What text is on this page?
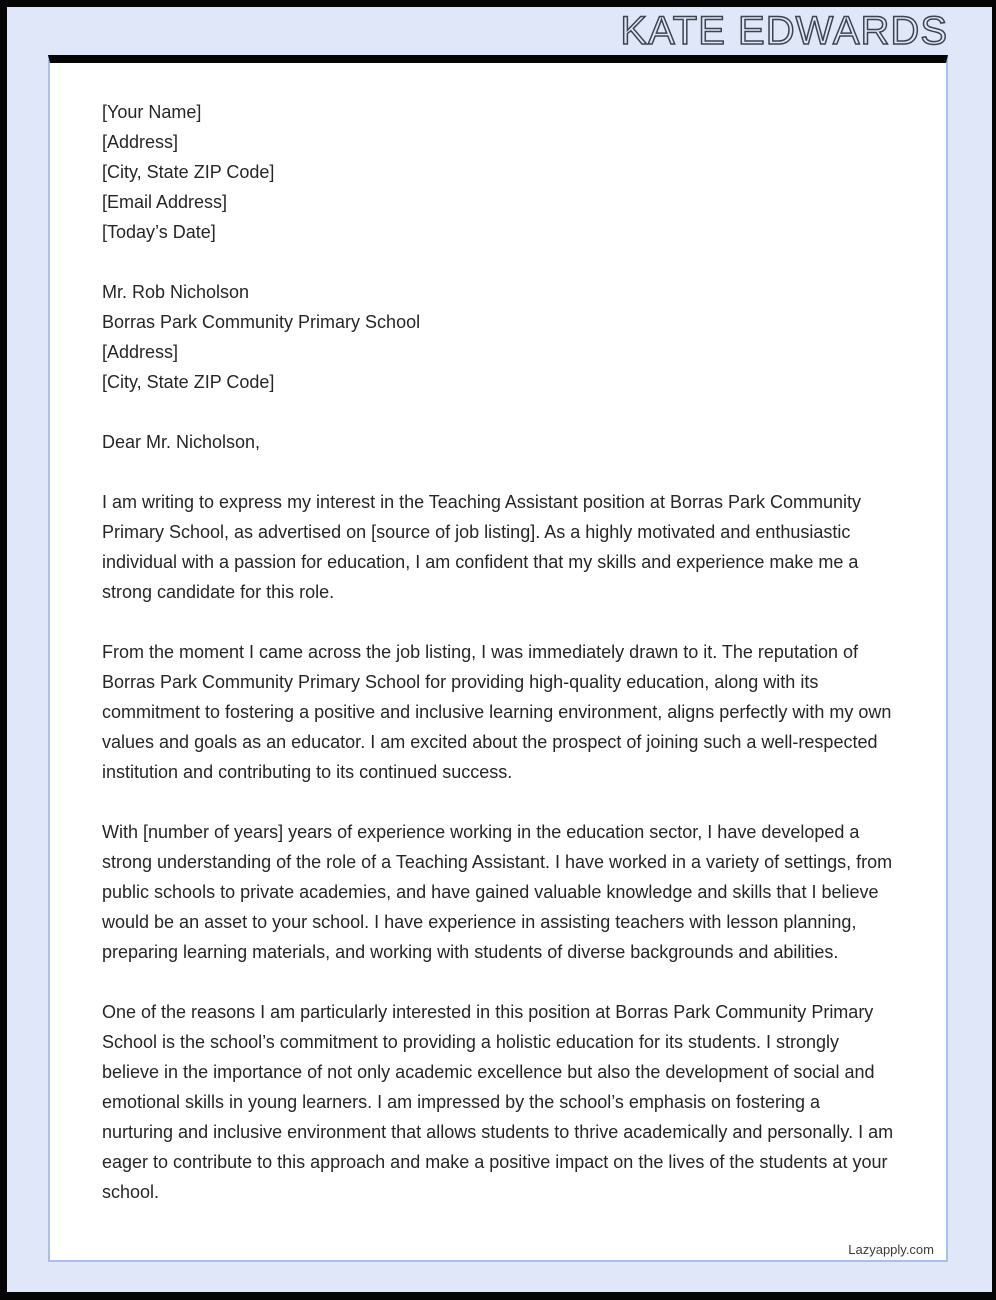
KATE EDWARDS
[Your Name]
[Address]
[City, State ZIP Code]
[Email Address]
[Today’s Date]
Mr. Rob Nicholson
Borras Park Community Primary School
[Address]
[City, State ZIP Code]
Dear Mr. Nicholson,

I am writing to express my interest in the Teaching Assistant position at Borras Park Community Primary School, as advertised on [source of job listing]. As a highly motivated and enthusiastic individual with a passion for education, I am confident that my skills and experience make me a strong candidate for this role.

From the moment I came across the job listing, I was immediately drawn to it. The reputation of Borras Park Community Primary School for providing high-quality education, along with its commitment to fostering a positive and inclusive learning environment, aligns perfectly with my own values and goals as an educator. I am excited about the prospect of joining such a well-respected institution and contributing to its continued success.

With [number of years] years of experience working in the education sector, I have developed a strong understanding of the role of a Teaching Assistant. I have worked in a variety of settings, from public schools to private academies, and have gained valuable knowledge and skills that I believe would be an asset to your school. I have experience in assisting teachers with lesson planning, preparing learning materials, and working with students of diverse backgrounds and abilities.

One of the reasons I am particularly interested in this position at Borras Park Community Primary School is the school’s commitment to providing a holistic education for its students. I strongly believe in the importance of not only academic excellence but also the development of social and emotional skills in young learners. I am impressed by the school’s emphasis on fostering a nurturing and inclusive environment that allows students to thrive academically and personally. I am eager to contribute to this approach and make a positive impact on the lives of the students at your school.

Lazyapply.com
